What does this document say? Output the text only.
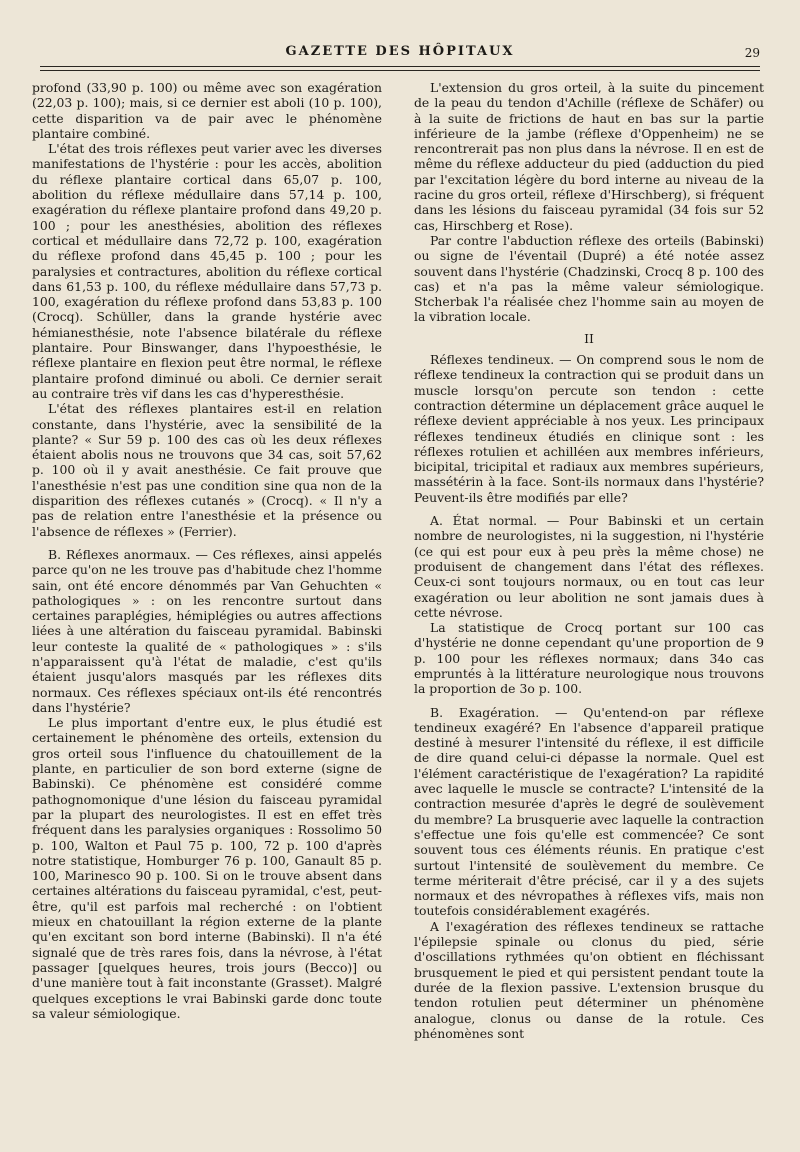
GAZETTE DES HÔPITAUX	29

profond (33,90 p. 100) ou même avec son exagération (22,03 p. 100); mais, si ce dernier est aboli (10 p. 100), cette disparition va de pair avec le phénomène plantaire combiné.

L'état des trois réflexes peut varier avec les diverses manifestations de l'hystérie : pour les accès, abolition du réflexe plantaire cortical dans 65,07 p. 100, abolition du réflexe médullaire dans 57,14 p. 100, exagération du réflexe plantaire profond dans 49,20 p. 100 ; pour les anesthésies, abolition des réflexes cortical et médullaire dans 72,72 p. 100, exagération du réflexe profond dans 45,45 p. 100 ; pour les paralysies et contractures, abolition du réflexe cortical dans 61,53 p. 100, du réflexe médullaire dans 57,73 p. 100, exagération du réflexe profond dans 53,83 p. 100 (Crocq). Schüller, dans la grande hystérie avec hémianesthésie, note l'absence bilatérale du réflexe plantaire. Pour Binswanger, dans l'hypoesthésie, le réflexe plantaire en flexion peut être normal, le réflexe plantaire profond diminué ou aboli. Ce dernier serait au contraire très vif dans les cas d'hyperesthésie.

L'état des réflexes plantaires est-il en relation constante, dans l'hystérie, avec la sensibilité de la plante? « Sur 59 p. 100 des cas où les deux réflexes étaient abolis nous ne trouvons que 34 cas, soit 57,62 p. 100 où il y avait anesthésie. Ce fait prouve que l'anesthésie n'est pas une condition sine qua non de la disparition des réflexes cutanés » (Crocq). « Il n'y a pas de relation entre l'anesthésie et la présence ou l'absence de réflexes » (Ferrier).

B. Réflexes anormaux. — Ces réflexes, ainsi appelés parce qu'on ne les trouve pas d'habitude chez l'homme sain, ont été encore dénommés par Van Gehuchten « pathologiques » : on les rencontre surtout dans certaines paraplégies, hémiplégies ou autres affections liées à une altération du faisceau pyramidal. Babinski leur conteste la qualité de « pathologiques » : s'ils n'apparaissent qu'à l'état de maladie, c'est qu'ils étaient jusqu'alors masqués par les réflexes dits normaux. Ces réflexes spéciaux ont-ils été rencontrés dans l'hystérie?

Le plus important d'entre eux, le plus étudié est certainement le phénomène des orteils, extension du gros orteil sous l'influence du chatouillement de la plante, en particulier de son bord externe (signe de Babinski). Ce phénomène est considéré comme pathognomonique d'une lésion du faisceau pyramidal par la plupart des neurologistes. Il est en effet très fréquent dans les paralysies organiques : Rossolimo 50 p. 100, Walton et Paul 75 p. 100, 72 p. 100 d'après notre statistique, Homburger 76 p. 100, Ganault 85 p. 100, Marinesco 90 p. 100. Si on le trouve absent dans certaines altérations du faisceau pyramidal, c'est, peut-être, qu'il est parfois mal recherché : on l'obtient mieux en chatouillant la région externe de la plante qu'en excitant son bord interne (Babinski). Il n'a été signalé que de très rares fois, dans la névrose, à l'état passager [quelques heures, trois jours (Becco)] ou d'une manière tout à fait inconstante (Grasset). Malgré quelques exceptions le vrai Babinski garde donc toute sa valeur sémiologique.

L'extension du gros orteil, à la suite du pincement de la peau du tendon d'Achille (réflexe de Schäfer) ou à la suite de frictions de haut en bas sur la partie inférieure de la jambe (réflexe d'Oppenheim) ne se rencontrerait pas non plus dans la névrose. Il en est de même du réflexe adducteur du pied (adduction du pied par l'excitation légère du bord interne au niveau de la racine du gros orteil, réflexe d'Hirschberg), si fréquent dans les lésions du faisceau pyramidal (34 fois sur 52 cas, Hirschberg et Rose).

Par contre l'abduction réflexe des orteils (Babinski) ou signe de l'éventail (Dupré) a été notée assez souvent dans l'hystérie (Chadzinski, Crocq 8 p. 100 des cas) et n'a pas la même valeur sémiologique. Stcherbak l'a réalisée chez l'homme sain au moyen de la vibration locale.

II

Réflexes tendineux. — On comprend sous le nom de réflexe tendineux la contraction qui se produit dans un muscle lorsqu'on percute son tendon : cette contraction détermine un déplacement grâce auquel le réflexe devient appréciable à nos yeux. Les principaux réflexes tendineux étudiés en clinique sont : les réflexes rotulien et achilléen aux membres inférieurs, bicipital, tricipital et radiaux aux membres supérieurs, massétérin à la face. Sont-ils normaux dans l'hystérie? Peuvent-ils être modifiés par elle?

A. État normal. — Pour Babinski et un certain nombre de neurologistes, ni la suggestion, ni l'hystérie (ce qui est pour eux à peu près la même chose) ne produisent de changement dans l'état des réflexes. Ceux-ci sont toujours normaux, ou en tout cas leur exagération ou leur abolition ne sont jamais dues à cette névrose.

La statistique de Crocq portant sur 100 cas d'hystérie ne donne cependant qu'une proportion de 9 p. 100 pour les réflexes normaux; dans 34o cas empruntés à la littérature neurologique nous trouvons la proportion de 3o p. 100.

B. Exagération. — Qu'entend-on par réflexe tendineux exagéré? En l'absence d'appareil pratique destiné à mesurer l'intensité du réflexe, il est difficile de dire quand celui-ci dépasse la normale. Quel est l'élément caractéristique de l'exagération? La rapidité avec laquelle le muscle se contracte? L'intensité de la contraction mesurée d'après le degré de soulèvement du membre? La brusquerie avec laquelle la contraction s'effectue une fois qu'elle est commencée? Ce sont souvent tous ces éléments réunis. En pratique c'est surtout l'intensité de soulèvement du membre. Ce terme mériterait d'être précisé, car il y a des sujets normaux et des névropathes à réflexes vifs, mais non toutefois considérablement exagérés.

A l'exagération des réflexes tendineux se rattache l'épilepsie spinale ou clonus du pied, série d'oscillations rythmées qu'on obtient en fléchissant brusquement le pied et qui persistent pendant toute la durée de la flexion passive. L'extension brusque du tendon rotulien peut déterminer un phénomène analogue, clonus ou danse de la rotule. Ces phénomènes sont
